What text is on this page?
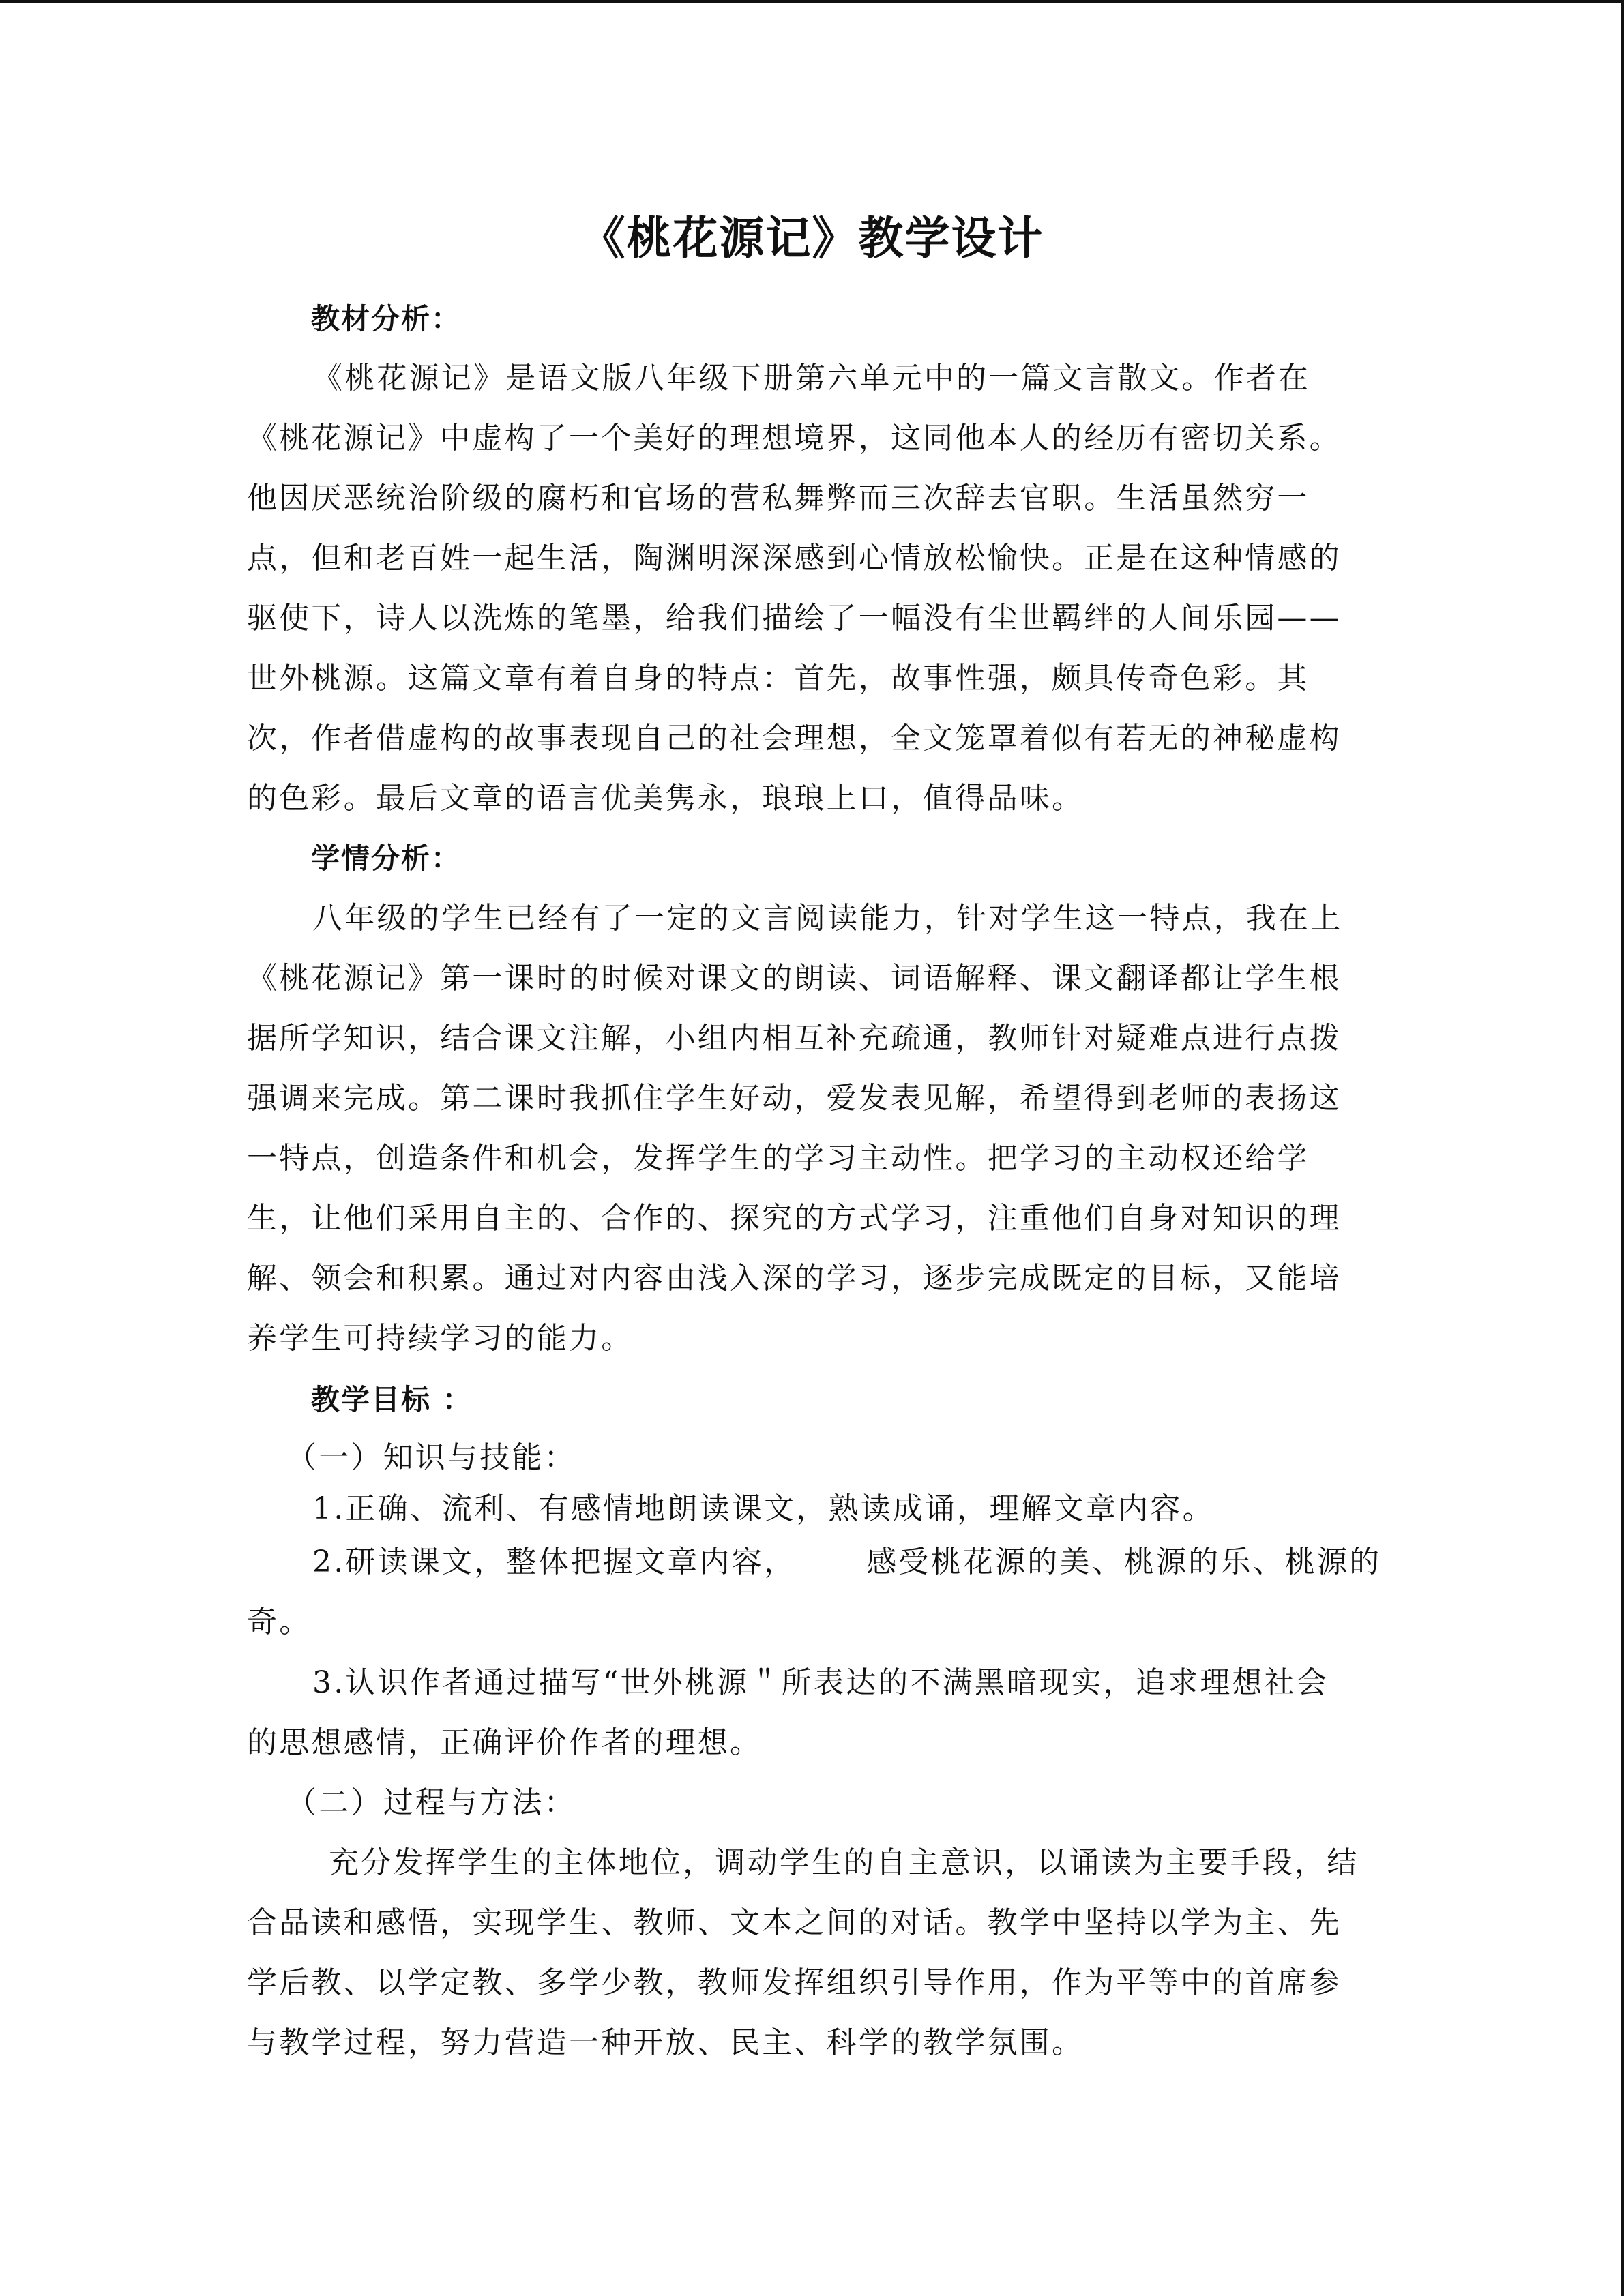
《桃花源记》教学设计
教材分析：
《桃花源记》是语文版八年级下册第六单元中的一篇文言散文。作者在
《桃花源记》中虚构了一个美好的理想境界，这同他本人的经历有密切关系。
他因厌恶统治阶级的腐朽和官场的营私舞弊而三次辞去官职。生活虽然穷一
点，但和老百姓一起生活，陶渊明深深感到心情放松愉快。正是在这种情感的
驱使下，诗人以洗炼的笔墨，给我们描绘了一幅没有尘世羁绊的人间乐园——
世外桃源。这篇文章有着自身的特点：首先，故事性强，颇具传奇色彩。其
次，作者借虚构的故事表现自己的社会理想，全文笼罩着似有若无的神秘虚构
的色彩。最后文章的语言优美隽永，琅琅上口，值得品味。
学情分析：
八年级的学生已经有了一定的文言阅读能力，针对学生这一特点，我在上
《桃花源记》第一课时的时候对课文的朗读、词语解释、课文翻译都让学生根
据所学知识，结合课文注解，小组内相互补充疏通，教师针对疑难点进行点拨
强调来完成。第二课时我抓住学生好动，爱发表见解，希望得到老师的表扬这
一特点，创造条件和机会，发挥学生的学习主动性。把学习的主动权还给学
生，让他们采用自主的、合作的、探究的方式学习，注重他们自身对知识的理
解、领会和积累。通过对内容由浅入深的学习，逐步完成既定的目标，又能培
养学生可持续学习的能力。
教学目标 ：
（一）知识与技能：
1.正确、流利、有感情地朗读课文，熟读成诵，理解文章内容。
2.研读课文，整体把握文章内容，      感受桃花源的美、桃源的乐、桃源的
奇。
3.认识作者通过描写“世外桃源＂所表达的不满黑暗现实，追求理想社会
的思想感情，正确评价作者的理想。
（二）过程与方法：
充分发挥学生的主体地位，调动学生的自主意识，以诵读为主要手段，结
合品读和感悟，实现学生、教师、文本之间的对话。教学中坚持以学为主、先
学后教、以学定教、多学少教，教师发挥组织引导作用，作为平等中的首席参
与教学过程，努力营造一种开放、民主、科学的教学氛围。
